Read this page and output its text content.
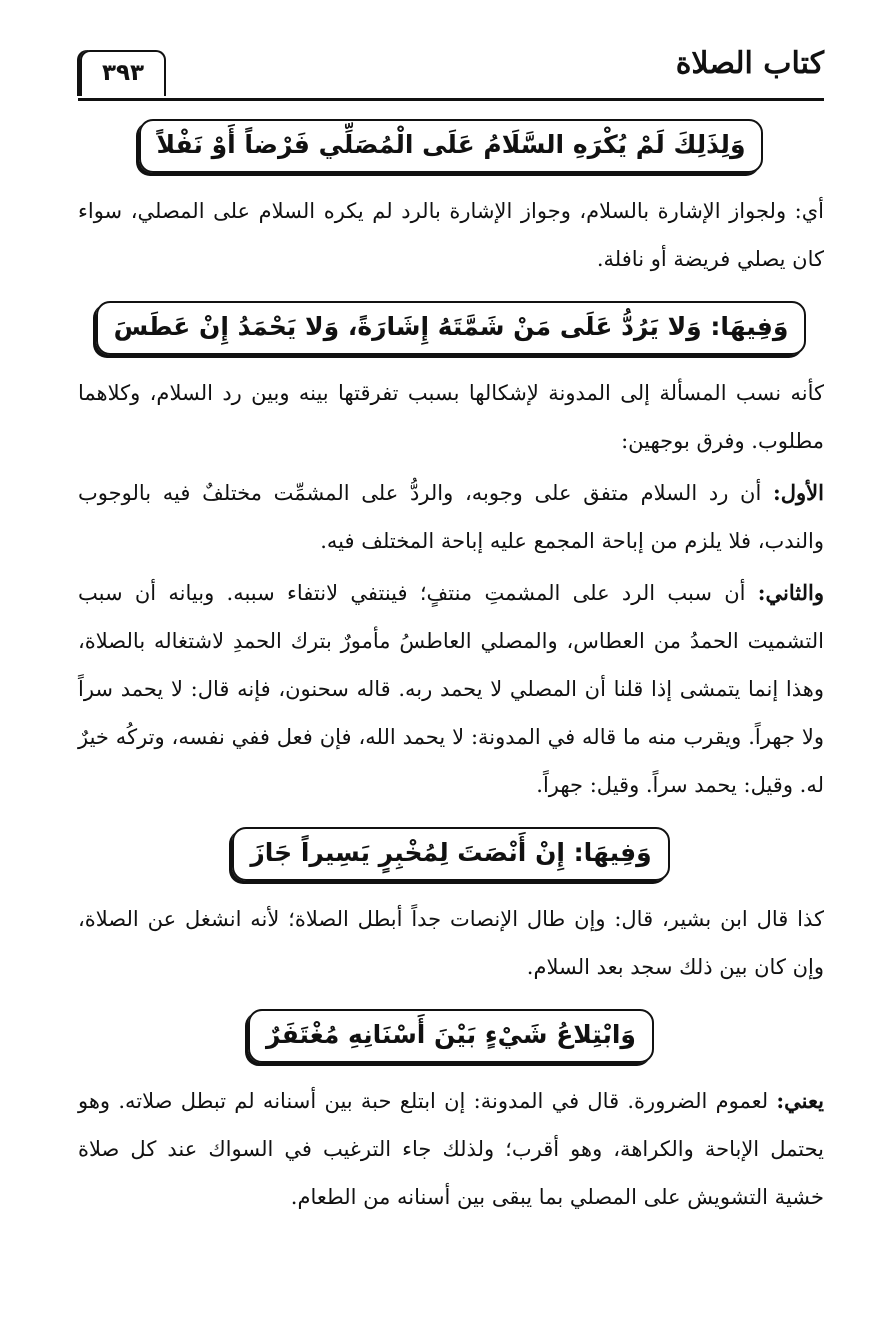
كتاب الصلاة
٣٩٣
وَلِذَلِكَ لَمْ يُكْرَهِ السَّلَامُ عَلَى الْمُصَلِّي فَرْضاً أَوْ نَفْلاً

أي: ولجواز الإشارة بالسلام، وجواز الإشارة بالرد لم يكره السلام على المصلي، سواء كان يصلي فريضة أو نافلة.

وَفِيهَا: وَلا يَرُدُّ عَلَى مَنْ شَمَّتَهُ إِشَارَةً، وَلا يَحْمَدُ إِنْ عَطَسَ

كأنه نسب المسألة إلى المدونة لإشكالها بسبب تفرقتها بينه وبين رد السلام، وكلاهما مطلوب. وفرق بوجهين:

الأول: أن رد السلام متفق على وجوبه، والردُّ على المشمِّت مختلفٌ فيه بالوجوب والندب، فلا يلزم من إباحة المجمع عليه إباحة المختلف فيه.

والثاني: أن سبب الرد على المشمتِ منتفٍ؛ فينتفي لانتفاء سببه. وبيانه أن سبب التشميت الحمدُ من العطاس، والمصلي العاطسُ مأمورٌ بترك الحمدِ لاشتغاله بالصلاة، وهذا إنما يتمشى إذا قلنا أن المصلي لا يحمد ربه. قاله سحنون، فإنه قال: لا يحمد سراً ولا جهراً. ويقرب منه ما قاله في المدونة: لا يحمد الله، فإن فعل ففي نفسه، وتركُه خيرٌ له. وقيل: يحمد سراً. وقيل: جهراً.

وَفِيهَا: إِنْ أَنْصَتَ لِمُخْبِرٍ يَسِيراً جَازَ

كذا قال ابن بشير، قال: وإن طال الإنصات جداً أبطل الصلاة؛ لأنه انشغل عن الصلاة، وإن كان بين ذلك سجد بعد السلام.

وَابْتِلاعُ شَيْءٍ بَيْنَ أَسْنَانِهِ مُغْتَفَرٌ

يعني: لعموم الضرورة. قال في المدونة: إن ابتلع حبة بين أسنانه لم تبطل صلاته. وهو يحتمل الإباحة والكراهة، وهو أقرب؛ ولذلك جاء الترغيب في السواك عند كل صلاة خشية التشويش على المصلي بما يبقى بين أسنانه من الطعام.
